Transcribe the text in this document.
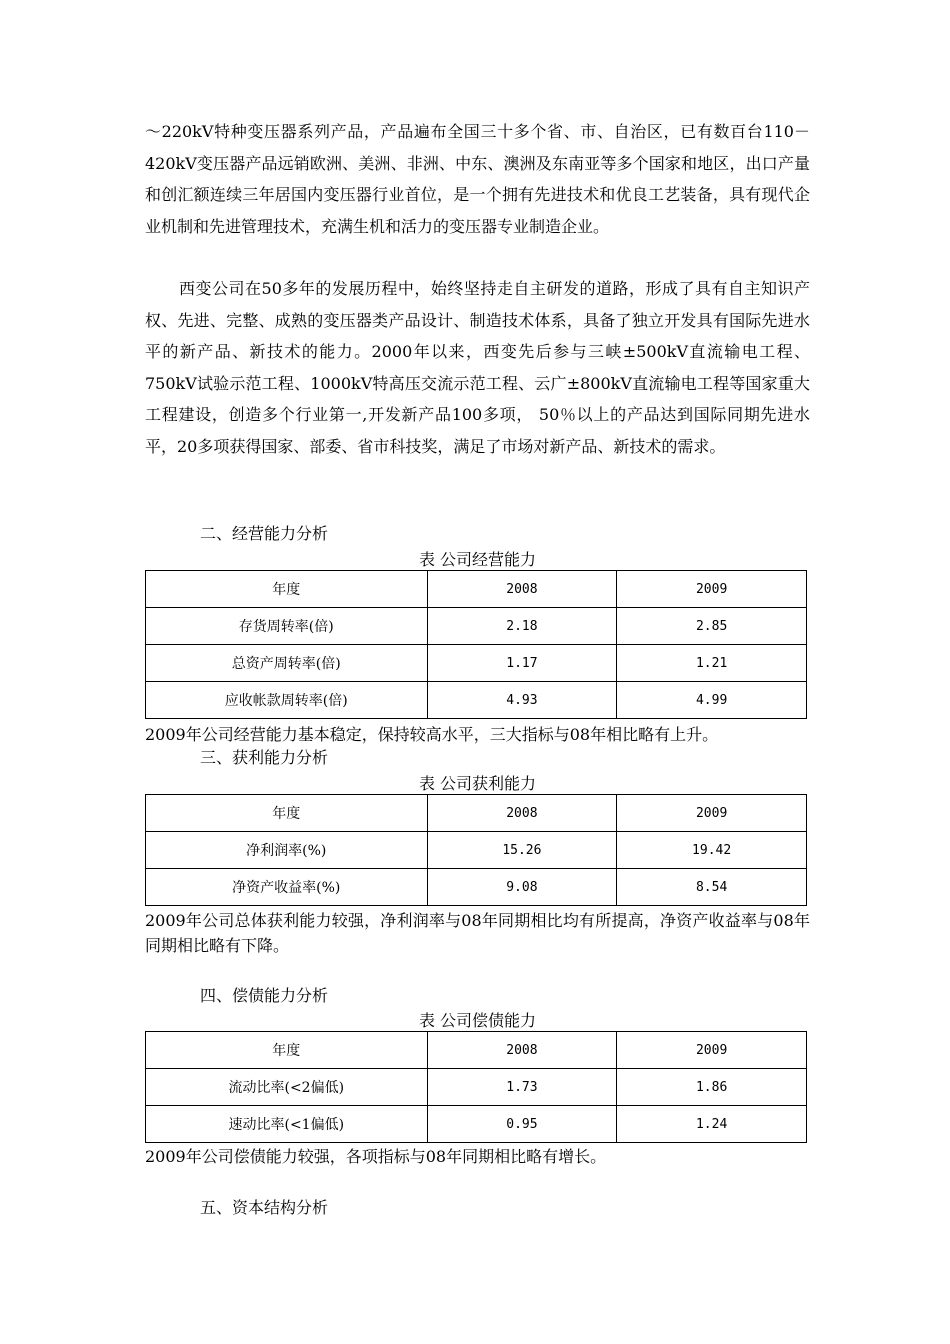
～220kV特种变压器系列产品，产品遍布全国三十多个省、市、自治区，已有数百台110－420kV变压器产品远销欧洲、美洲、非洲、中东、澳洲及东南亚等多个国家和地区，出口产量和创汇额连续三年居国内变压器行业首位，是一个拥有先进技术和优良工艺装备，具有现代企业机制和先进管理技术，充满生机和活力的变压器专业制造企业。

西变公司在50多年的发展历程中，始终坚持走自主研发的道路，形成了具有自主知识产权、先进、完整、成熟的变压器类产品设计、制造技术体系，具备了独立开发具有国际先进水平的新产品、新技术的能力。2000年以来，西变先后参与三峡±500kV直流输电工程、750kV试验示范工程、1000kV特高压交流示范工程、云广±800kV直流输电工程等国家重大工程建设，创造多个行业第一,开发新产品100多项， 50％以上的产品达到国际同期先进水平，20多项获得国家、部委、省市科技奖，满足了市场对新产品、新技术的需求。

二、经营能力分析

表 公司经营能力

年度	2008	2009
存货周转率(倍)	2.18	2.85
总资产周转率(倍)	1.17	1.21
应收帐款周转率(倍)	4.93	4.99

2009年公司经营能力基本稳定，保持较高水平，三大指标与08年相比略有上升。

三、获利能力分析

表 公司获利能力

年度	2008	2009
净利润率(%)	15.26	19.42
净资产收益率(%)	9.08	8.54

2009年公司总体获利能力较强，净利润率与08年同期相比均有所提高，净资产收益率与08年同期相比略有下降。

四、偿债能力分析

表 公司偿债能力

年度	2008	2009
流动比率(<2偏低)	1.73	1.86
速动比率(<1偏低)	0.95	1.24

2009年公司偿债能力较强，各项指标与08年同期相比略有增长。

五、资本结构分析
